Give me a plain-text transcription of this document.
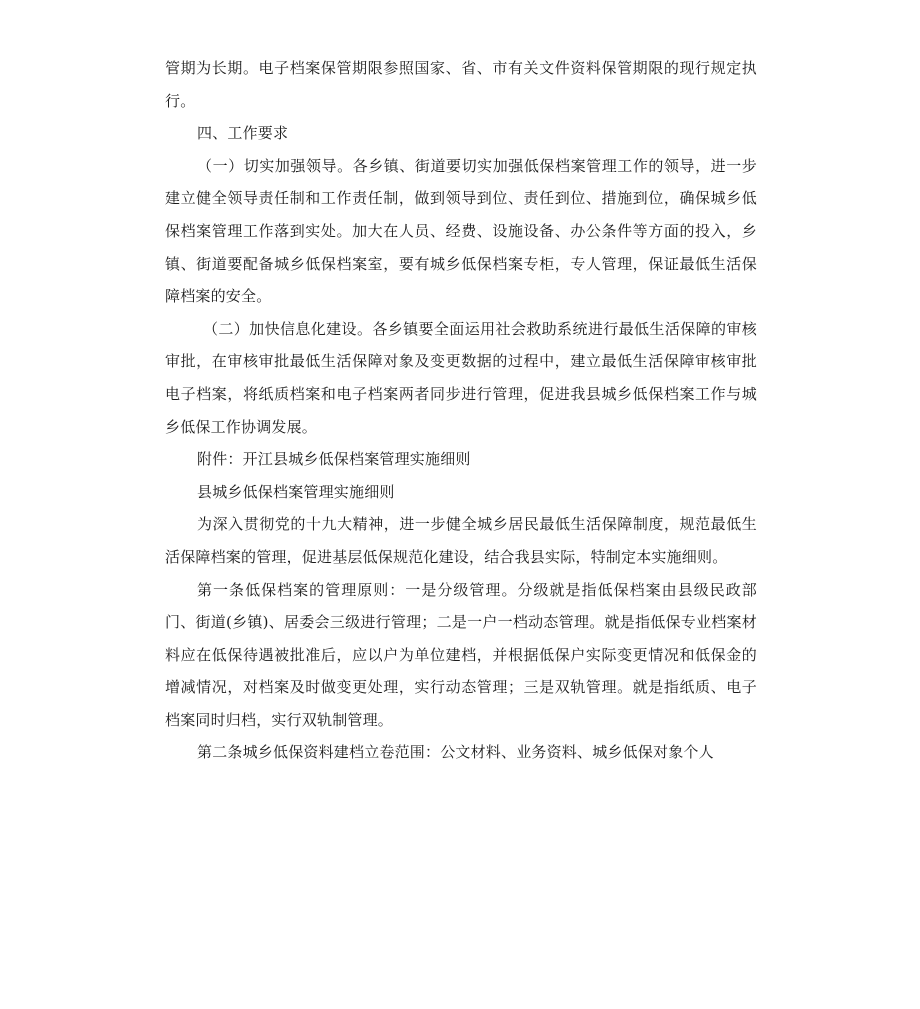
管期为长期。电子档案保管期限参照国家、省、市有关文件资料保管期限的现行规定执行。

四、工作要求

（一）切实加强领导。各乡镇、街道要切实加强低保档案管理工作的领导，进一步建立健全领导责任制和工作责任制，做到领导到位、责任到位、措施到位，确保城乡低保档案管理工作落到实处。加大在人员、经费、设施设备、办公条件等方面的投入，乡镇、街道要配备城乡低保档案室，要有城乡低保档案专柜，专人管理，保证最低生活保障档案的安全。

（二）加快信息化建设。各乡镇要全面运用社会救助系统进行最低生活保障的审核审批，在审核审批最低生活保障对象及变更数据的过程中，建立最低生活保障审核审批电子档案，将纸质档案和电子档案两者同步进行管理，促进我县城乡低保档案工作与城乡低保工作协调发展。

附件：开江县城乡低保档案管理实施细则

县城乡低保档案管理实施细则

为深入贯彻党的十九大精神，进一步健全城乡居民最低生活保障制度，规范最低生活保障档案的管理，促进基层低保规范化建设，结合我县实际，特制定本实施细则。

第一条低保档案的管理原则：一是分级管理。分级就是指低保档案由县级民政部门、街道(乡镇)、居委会三级进行管理；二是一户一档动态管理。就是指低保专业档案材料应在低保待遇被批准后，应以户为单位建档，并根据低保户实际变更情况和低保金的增减情况，对档案及时做变更处理，实行动态管理；三是双轨管理。就是指纸质、电子档案同时归档，实行双轨制管理。

第二条城乡低保资料建档立卷范围：公文材料、业务资料、城乡低保对象个人
